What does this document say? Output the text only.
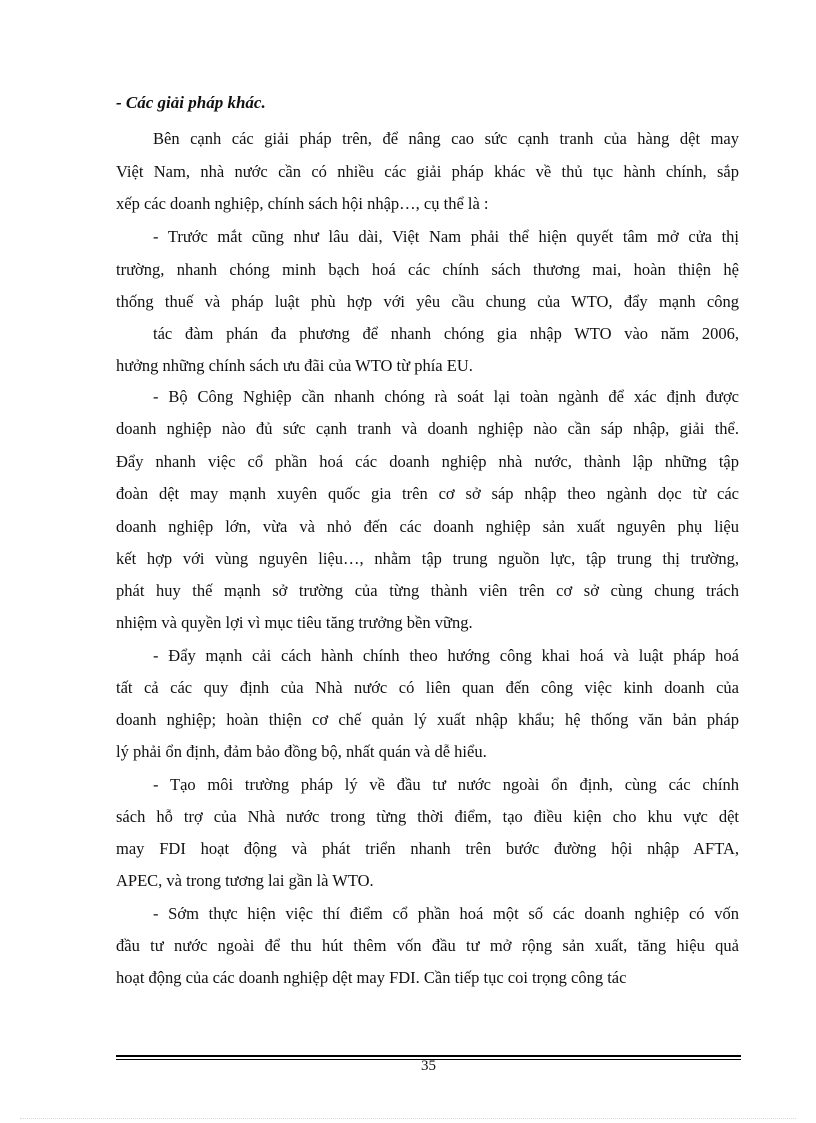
- Các giải pháp khác.
Bên cạnh các giải pháp trên, để nâng cao sức cạnh tranh của hàng dệt may
Việt Nam, nhà nước cần có nhiều các giải pháp khác về thủ tục hành chính, sắp
xếp các doanh nghiệp, chính sách hội nhập…, cụ thể là :
- Trước mắt cũng như lâu dài, Việt Nam phải thể hiện quyết tâm mở cửa thị
trường, nhanh chóng minh bạch hoá các chính sách thương mai, hoàn thiện hệ
thống thuế và pháp luật phù hợp với yêu cầu chung của WTO, đẩy mạnh công
tác đàm phán đa phương để nhanh chóng gia nhập WTO vào năm 2006,
hưởng những chính sách ưu đãi của WTO từ phía EU.
- Bộ Công Nghiệp cần nhanh chóng rà soát lại toàn ngành để xác định được
doanh nghiệp nào đủ sức cạnh tranh và doanh nghiệp nào cần sáp nhập, giải thể.
Đẩy nhanh việc cổ phần hoá các doanh nghiệp nhà nước, thành lập những tập
đoàn dệt may mạnh xuyên quốc gia trên cơ sở sáp nhập theo ngành dọc từ các
doanh nghiệp lớn, vừa và nhỏ đến các doanh nghiệp sản xuất nguyên phụ liệu
kết hợp với vùng nguyên liệu…, nhằm tập trung nguồn lực, tập trung thị trường,
phát huy thế mạnh sở trường của từng thành viên trên cơ sở cùng chung trách
nhiệm và quyền lợi vì mục tiêu tăng trưởng bền vững.
- Đẩy mạnh cải cách hành chính theo hướng công khai hoá và luật pháp hoá
tất cả các quy định của Nhà nước có liên quan đến công việc kinh doanh của
doanh nghiệp; hoàn thiện cơ chế quản lý xuất nhập khẩu; hệ thống văn bản pháp
lý phải ổn định, đảm bảo đồng bộ, nhất quán và dễ hiểu.
- Tạo môi trường pháp lý về đầu tư nước ngoài ổn định, cùng các chính
sách hỗ trợ của Nhà nước trong từng thời điểm, tạo điều kiện cho khu vực dệt
may FDI hoạt động và phát triển nhanh trên bước đường hội nhập AFTA,
APEC, và trong tương lai gần là WTO.
- Sớm thực hiện việc thí điểm cổ phần hoá một số các doanh nghiệp có vốn
đầu tư nước ngoài để thu hút thêm vốn đầu tư mở rộng sản xuất, tăng hiệu quả
hoạt động của các doanh nghiệp dệt may FDI. Cần tiếp tục coi trọng công tác
35
